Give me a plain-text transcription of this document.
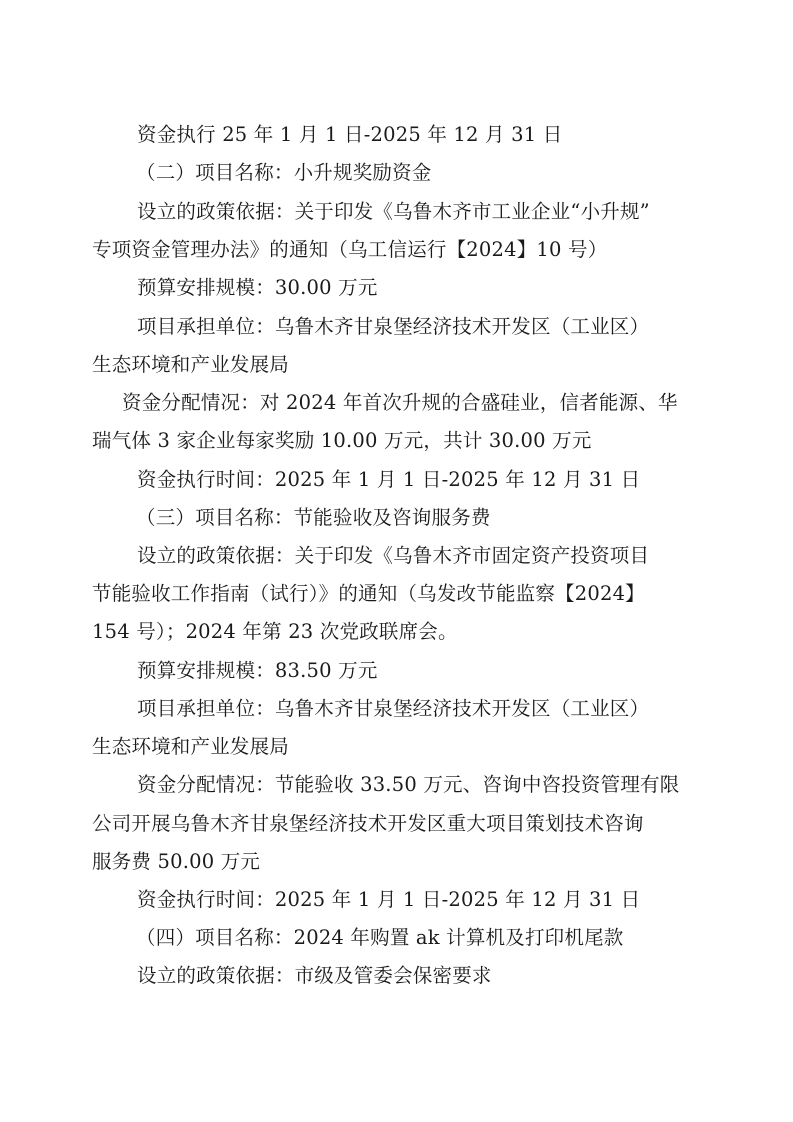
资金执行 25 年 1 月 1 日-2025 年 12 月 31 日
（二）项目名称：小升规奖励资金
设立的政策依据：关于印发《乌鲁木齐市工业企业“小升规”
专项资金管理办法》的通知（乌工信运行【2024】10 号）
预算安排规模：30.00 万元
项目承担单位：乌鲁木齐甘泉堡经济技术开发区（工业区）
生态环境和产业发展局
资金分配情况：对 2024 年首次升规的合盛硅业，信者能源、华
瑞气体 3 家企业每家奖励 10.00 万元，共计 30.00 万元
资金执行时间：2025 年 1 月 1 日-2025 年 12 月 31 日
（三）项目名称：节能验收及咨询服务费
设立的政策依据：关于印发《乌鲁木齐市固定资产投资项目
节能验收工作指南（试行）》的通知（乌发改节能监察【2024】
154 号）；2024 年第 23 次党政联席会。
预算安排规模：83.50 万元
项目承担单位：乌鲁木齐甘泉堡经济技术开发区（工业区）
生态环境和产业发展局
资金分配情况：节能验收 33.50 万元、咨询中咨投资管理有限
公司开展乌鲁木齐甘泉堡经济技术开发区重大项目策划技术咨询
服务费 50.00 万元
资金执行时间：2025 年 1 月 1 日-2025 年 12 月 31 日
（四）项目名称：2024 年购置 ak 计算机及打印机尾款
设立的政策依据：市级及管委会保密要求
